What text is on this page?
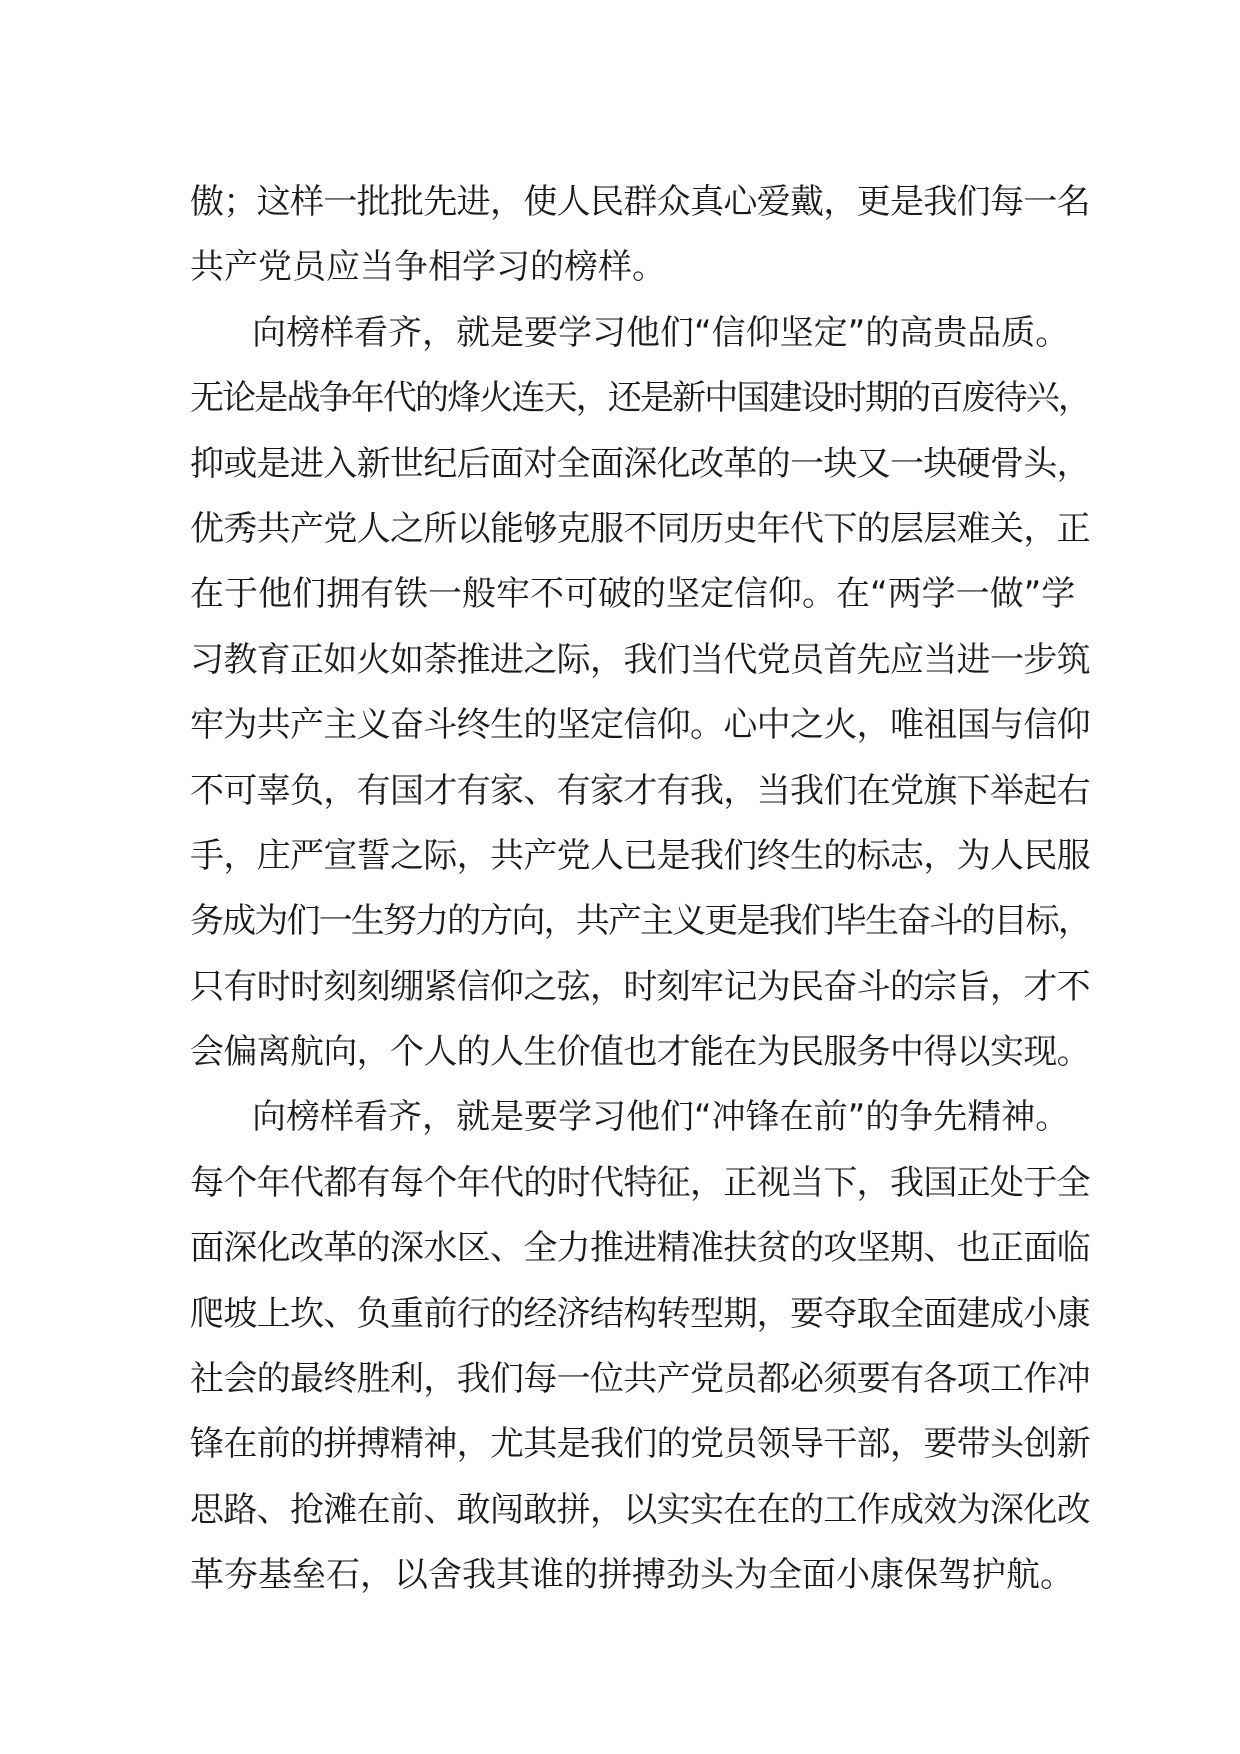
傲；这样一批批先进，使人民群众真心爱戴，更是我们每一名
共产党员应当争相学习的榜样。
向榜样看齐，就是要学习他们“信仰坚定”的高贵品质。
无论是战争年代的烽火连天，还是新中国建设时期的百废待兴，
抑或是进入新世纪后面对全面深化改革的一块又一块硬骨头，
优秀共产党人之所以能够克服不同历史年代下的层层难关，正
在于他们拥有铁一般牢不可破的坚定信仰。在“两学一做”学
习教育正如火如荼推进之际，我们当代党员首先应当进一步筑
牢为共产主义奋斗终生的坚定信仰。心中之火，唯祖国与信仰
不可辜负，有国才有家、有家才有我，当我们在党旗下举起右
手，庄严宣誓之际，共产党人已是我们终生的标志，为人民服
务成为们一生努力的方向，共产主义更是我们毕生奋斗的目标，
只有时时刻刻绷紧信仰之弦，时刻牢记为民奋斗的宗旨，才不
会偏离航向，个人的人生价值也才能在为民服务中得以实现。
向榜样看齐，就是要学习他们“冲锋在前”的争先精神。
每个年代都有每个年代的时代特征，正视当下，我国正处于全
面深化改革的深水区、全力推进精准扶贫的攻坚期、也正面临
爬坡上坎、负重前行的经济结构转型期，要夺取全面建成小康
社会的最终胜利，我们每一位共产党员都必须要有各项工作冲
锋在前的拼搏精神，尤其是我们的党员领导干部，要带头创新
思路、抢滩在前、敢闯敢拼，以实实在在的工作成效为深化改
革夯基垒石，以舍我其谁的拼搏劲头为全面小康保驾护航。
